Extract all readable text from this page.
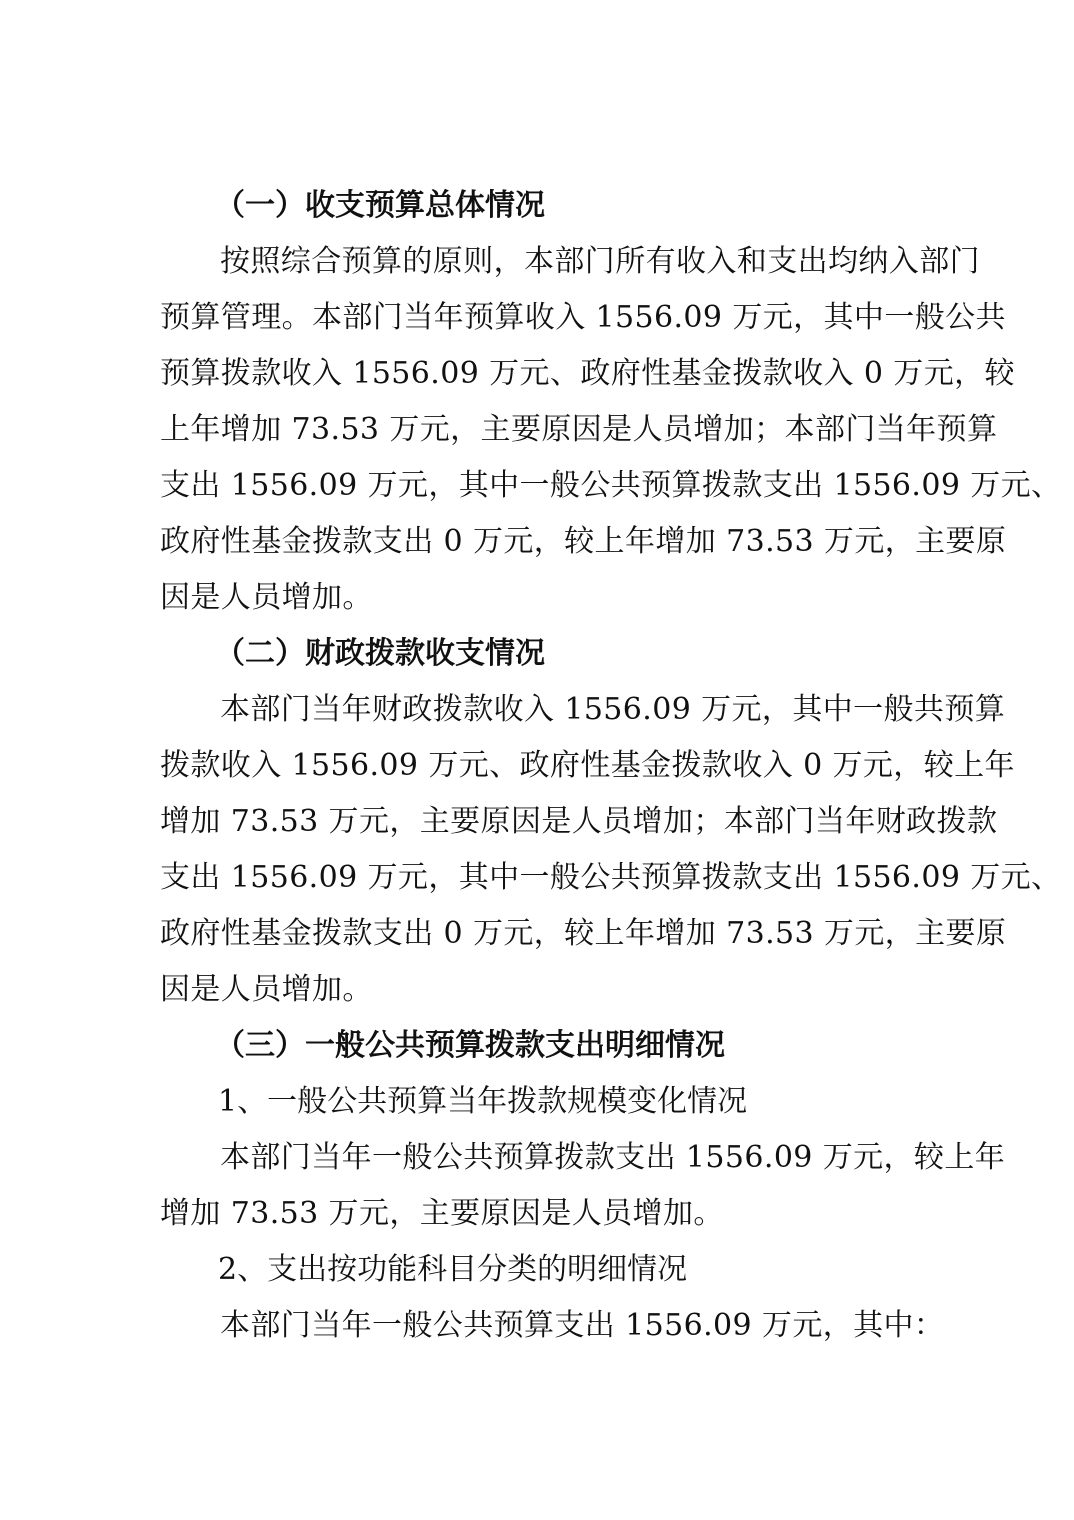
（一）收支预算总体情况
按照综合预算的原则，本部门所有收入和支出均纳入部门
预算管理。本部门当年预算收入 1556.09 万元，其中一般公共
预算拨款收入 1556.09 万元、政府性基金拨款收入 0 万元，较
上年增加 73.53 万元，主要原因是人员增加；本部门当年预算
支出 1556.09 万元，其中一般公共预算拨款支出 1556.09 万元、
政府性基金拨款支出 0 万元，较上年增加 73.53 万元，主要原
因是人员增加。
（二）财政拨款收支情况
本部门当年财政拨款收入 1556.09 万元，其中一般共预算
拨款收入 1556.09 万元、政府性基金拨款收入 0 万元，较上年
增加 73.53 万元，主要原因是人员增加；本部门当年财政拨款
支出 1556.09 万元，其中一般公共预算拨款支出 1556.09 万元、
政府性基金拨款支出 0 万元，较上年增加 73.53 万元，主要原
因是人员增加。
（三）一般公共预算拨款支出明细情况

1、一般公共预算当年拨款规模变化情况

本部门当年一般公共预算拨款支出 1556.09 万元，较上年
增加 73.53 万元，主要原因是人员增加。

2、支出按功能科目分类的明细情况

本部门当年一般公共预算支出 1556.09 万元，其中：
